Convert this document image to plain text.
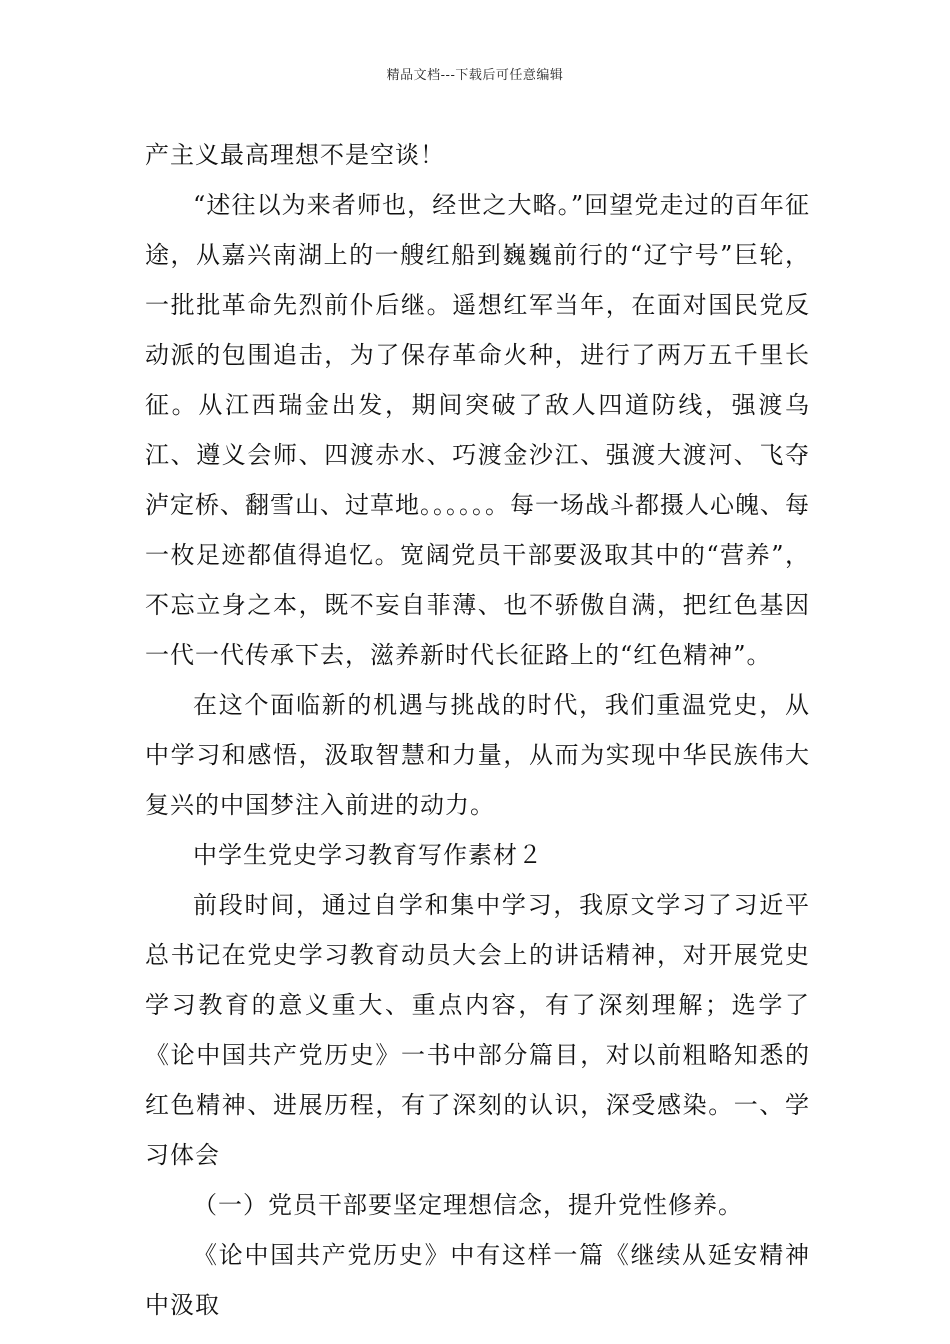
精品文档---下载后可任意编辑

产主义最高理想不是空谈！

“述往以为来者师也，经世之大略。”回望党走过的百年征途，从嘉兴南湖上的一艘红船到巍巍前行的“辽宁号”巨轮，一批批革命先烈前仆后继。遥想红军当年，在面对国民党反动派的包围追击，为了保存革命火种，进行了两万五千里长征。从江西瑞金出发，期间突破了敌人四道防线，强渡乌江、遵义会师、四渡赤水、巧渡金沙江、强渡大渡河、飞夺泸定桥、翻雪山、过草地。。。。。。每一场战斗都摄人心魄、每一枚足迹都值得追忆。宽阔党员干部要汲取其中的“营养”，不忘立身之本，既不妄自菲薄、也不骄傲自满，把红色基因一代一代传承下去，滋养新时代长征路上的“红色精神”。

在这个面临新的机遇与挑战的时代，我们重温党史，从中学习和感悟，汲取智慧和力量，从而为实现中华民族伟大复兴的中国梦注入前进的动力。

中学生党史学习教育写作素材２

前段时间，通过自学和集中学习，我原文学习了习近平总书记在党史学习教育动员大会上的讲话精神，对开展党史学习教育的意义重大、重点内容，有了深刻理解；选学了《论中国共产党历史》一书中部分篇目，对以前粗略知悉的红色精神、进展历程，有了深刻的认识，深受感染。一、学习体会

（一）党员干部要坚定理想信念，提升党性修养。

《论中国共产党历史》中有这样一篇《继续从延安精神中汲取
